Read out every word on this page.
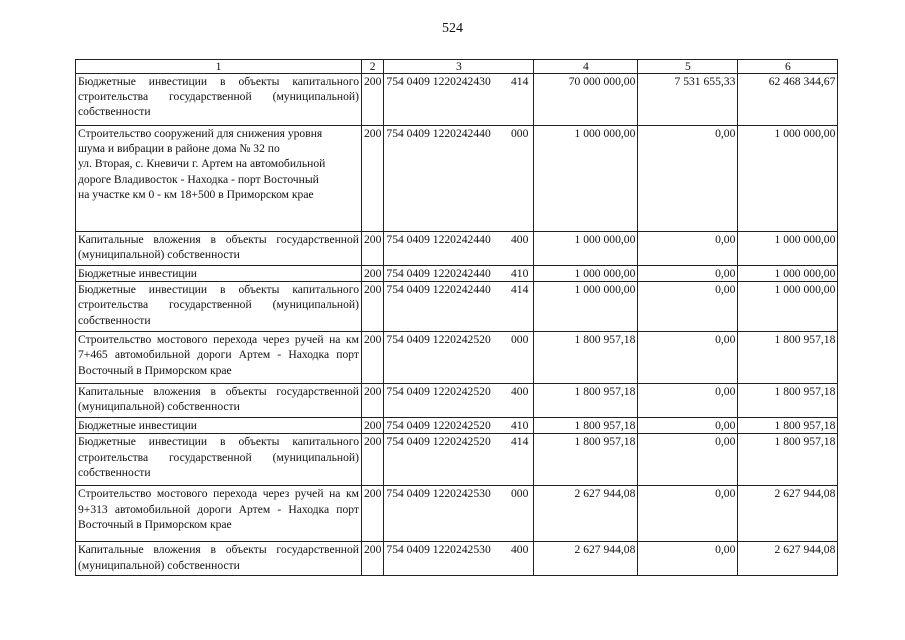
524
1	2	3	4	5	6
Бюджетные инвестиции в объекты капитального строительства государственной (муниципальной) собственности	200	754 0409 1220242430 414	70 000 000,00	7 531 655,33	62 468 344,67

Строительство сооружений для снижения уровня
шума и вибрации в районе дома № 32 по
ул. Вторая, с. Кневичи г. Артем на автомобильной
дороге Владивосток - Находка - порт Восточный
на участке км 0 - км 18+500 в Приморском крае	200	754 0409 1220242440 000	1 000 000,00	0,00	1 000 000,00
Капитальные вложения в объекты государственной (муниципальной) собственности	200	754 0409 1220242440 400	1 000 000,00	0,00	1 000 000,00
Бюджетные инвестиции	200	754 0409 1220242440 410	1 000 000,00	0,00	1 000 000,00
Бюджетные инвестиции в объекты капитального строительства государственной (муниципальной) собственности	200	754 0409 1220242440 414	1 000 000,00	0,00	1 000 000,00
Строительство мостового перехода через ручей на км 7+465 автомобильной дороги Артем - Находка порт Восточный в Приморском крае	200	754 0409 1220242520 000	1 800 957,18	0,00	1 800 957,18
Капитальные вложения в объекты государственной (муниципальной) собственности	200	754 0409 1220242520 400	1 800 957,18	0,00	1 800 957,18
Бюджетные инвестиции	200	754 0409 1220242520 410	1 800 957,18	0,00	1 800 957,18
Бюджетные инвестиции в объекты капитального строительства государственной (муниципальной) собственности	200	754 0409 1220242520 414	1 800 957,18	0,00	1 800 957,18
Строительство мостового перехода через ручей на км 9+313 автомобильной дороги Артем - Находка порт Восточный в Приморском крае	200	754 0409 1220242530 000	2 627 944,08	0,00	2 627 944,08
Капитальные вложения в объекты государственной (муниципальной) собственности	200	754 0409 1220242530 400	2 627 944,08	0,00	2 627 944,08
